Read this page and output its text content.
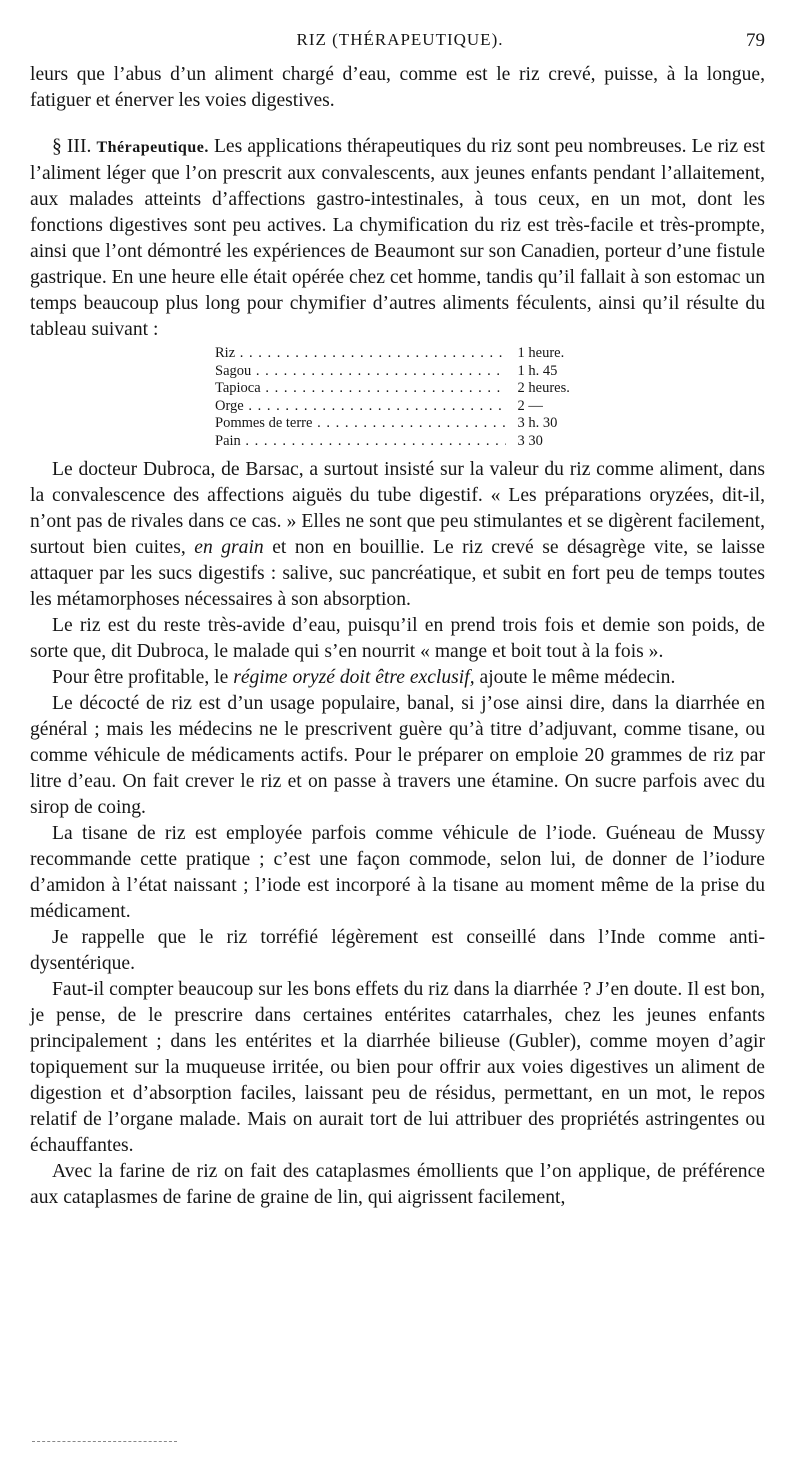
RIZ (THÉRAPEUTIQUE).	79

leurs que l’abus d’un aliment chargé d’eau, comme est le riz crevé, puisse, à la longue, fatiguer et énerver les voies digestives.

§ III. Thérapeutique. Les applications thérapeutiques du riz sont peu nombreuses. Le riz est l’aliment léger que l’on prescrit aux convalescents, aux jeunes enfants pendant l’allaitement, aux malades atteints d’affections gastro-intestinales, à tous ceux, en un mot, dont les fonctions digestives sont peu actives. La chymification du riz est très-facile et très-prompte, ainsi que l’ont démontré les expériences de Beaumont sur son Canadien, porteur d’une fistule gastrique. En une heure elle était opérée chez cet homme, tandis qu’il fallait à son estomac un temps beaucoup plus long pour chymifier d’autres aliments féculents, ainsi qu’il résulte du tableau suivant :

Riz . . .	1 heure.
Sagou . . .	1 h. 45
Tapioca . . .	2 heures.
Orge . . .	2 —
Pommes de terre . . .	3 h. 30
Pain . . .	3 30

Le docteur Dubroca, de Barsac, a surtout insisté sur la valeur du riz comme aliment, dans la convalescence des affections aiguës du tube digestif. « Les préparations oryzées, dit-il, n’ont pas de rivales dans ce cas. » Elles ne sont que peu stimulantes et se digèrent facilement, surtout bien cuites, en grain et non en bouillie. Le riz crevé se désagrège vite, se laisse attaquer par les sucs digestifs : salive, suc pancréatique, et subit en fort peu de temps toutes les métamorphoses nécessaires à son absorption.

Le riz est du reste très-avide d’eau, puisqu’il en prend trois fois et demie son poids, de sorte que, dit Dubroca, le malade qui s’en nourrit « mange et boit tout à la fois ».

Pour être profitable, le régime oryzé doit être exclusif, ajoute le même médecin.

Le décocté de riz est d’un usage populaire, banal, si j’ose ainsi dire, dans la diarrhée en général ; mais les médecins ne le prescrivent guère qu’à titre d’adjuvant, comme tisane, ou comme véhicule de médicaments actifs. Pour le préparer on emploie 20 grammes de riz par litre d’eau. On fait crever le riz et on passe à travers une étamine. On sucre parfois avec du sirop de coing.

La tisane de riz est employée parfois comme véhicule de l’iode. Guéneau de Mussy recommande cette pratique ; c’est une façon commode, selon lui, de donner de l’iodure d’amidon à l’état naissant ; l’iode est incorporé à la tisane au moment même de la prise du médicament.

Je rappelle que le riz torréfié légèrement est conseillé dans l’Inde comme anti-dysentérique.

Faut-il compter beaucoup sur les bons effets du riz dans la diarrhée ? J’en doute. Il est bon, je pense, de le prescrire dans certaines entérites catarrhales, chez les jeunes enfants principalement ; dans les entérites et la diarrhée bilieuse (Gubler), comme moyen d’agir topiquement sur la muqueuse irritée, ou bien pour offrir aux voies digestives un aliment de digestion et d’absorption faciles, laissant peu de résidus, permettant, en un mot, le repos relatif de l’organe malade. Mais on aurait tort de lui attribuer des propriétés astringentes ou échauffantes.

Avec la farine de riz on fait des cataplasmes émollients que l’on applique, de préférence aux cataplasmes de farine de graine de lin, qui aigrissent facilement,
